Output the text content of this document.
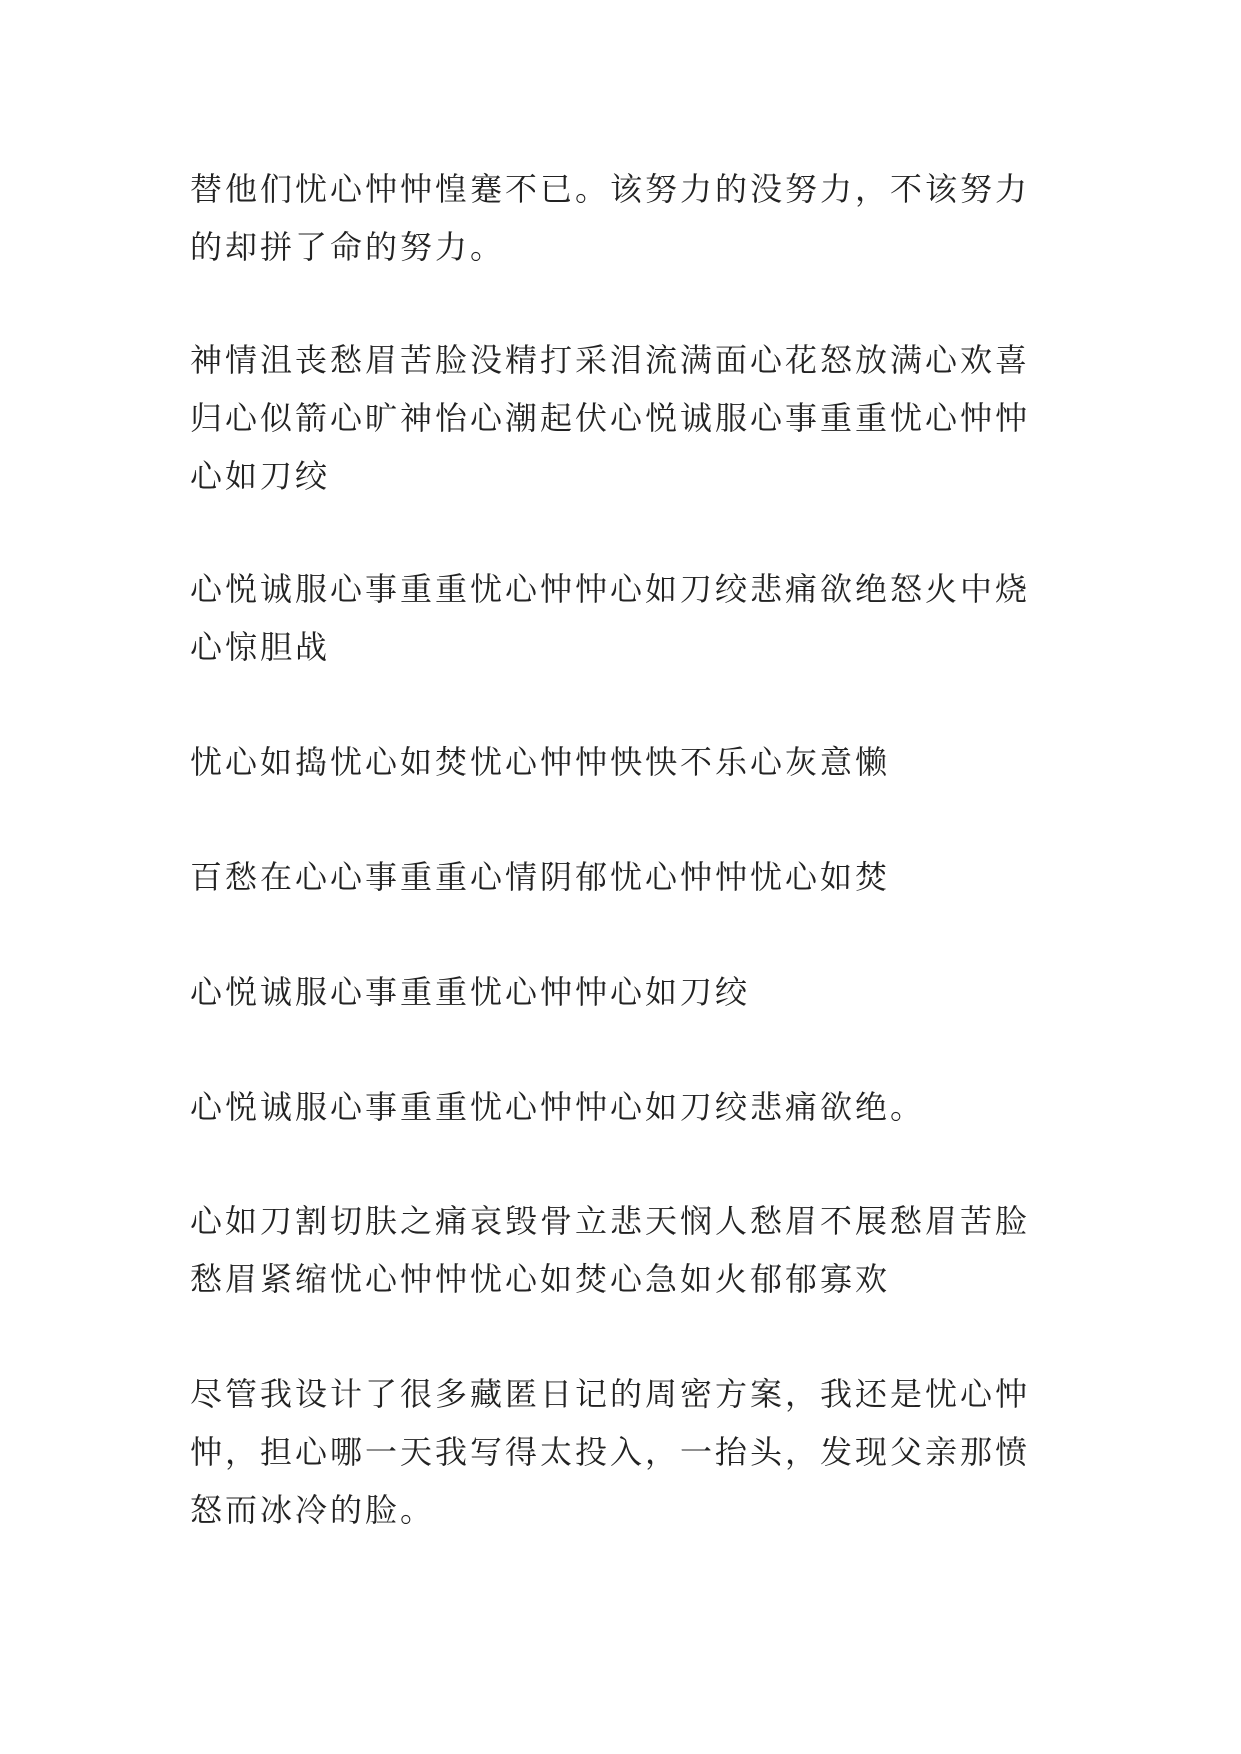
替他们忧心忡忡惶蹇不已。该努力的没努力，不该努力的却拼了命的努力。

神情沮丧愁眉苦脸没精打采泪流满面心花怒放满心欢喜归心似箭心旷神怡心潮起伏心悦诚服心事重重忧心忡忡心如刀绞

心悦诚服心事重重忧心忡忡心如刀绞悲痛欲绝怒火中烧心惊胆战

忧心如捣忧心如焚忧心忡忡怏怏不乐心灰意懒

百愁在心心事重重心情阴郁忧心忡忡忧心如焚

心悦诚服心事重重忧心忡忡心如刀绞

心悦诚服心事重重忧心忡忡心如刀绞悲痛欲绝。

心如刀割切肤之痛哀毁骨立悲天悯人愁眉不展愁眉苦脸愁眉紧缩忧心忡忡忧心如焚心急如火郁郁寡欢

尽管我设计了很多藏匿日记的周密方案，我还是忧心忡忡，担心哪一天我写得太投入，一抬头，发现父亲那愤怒而冰冷的脸。
